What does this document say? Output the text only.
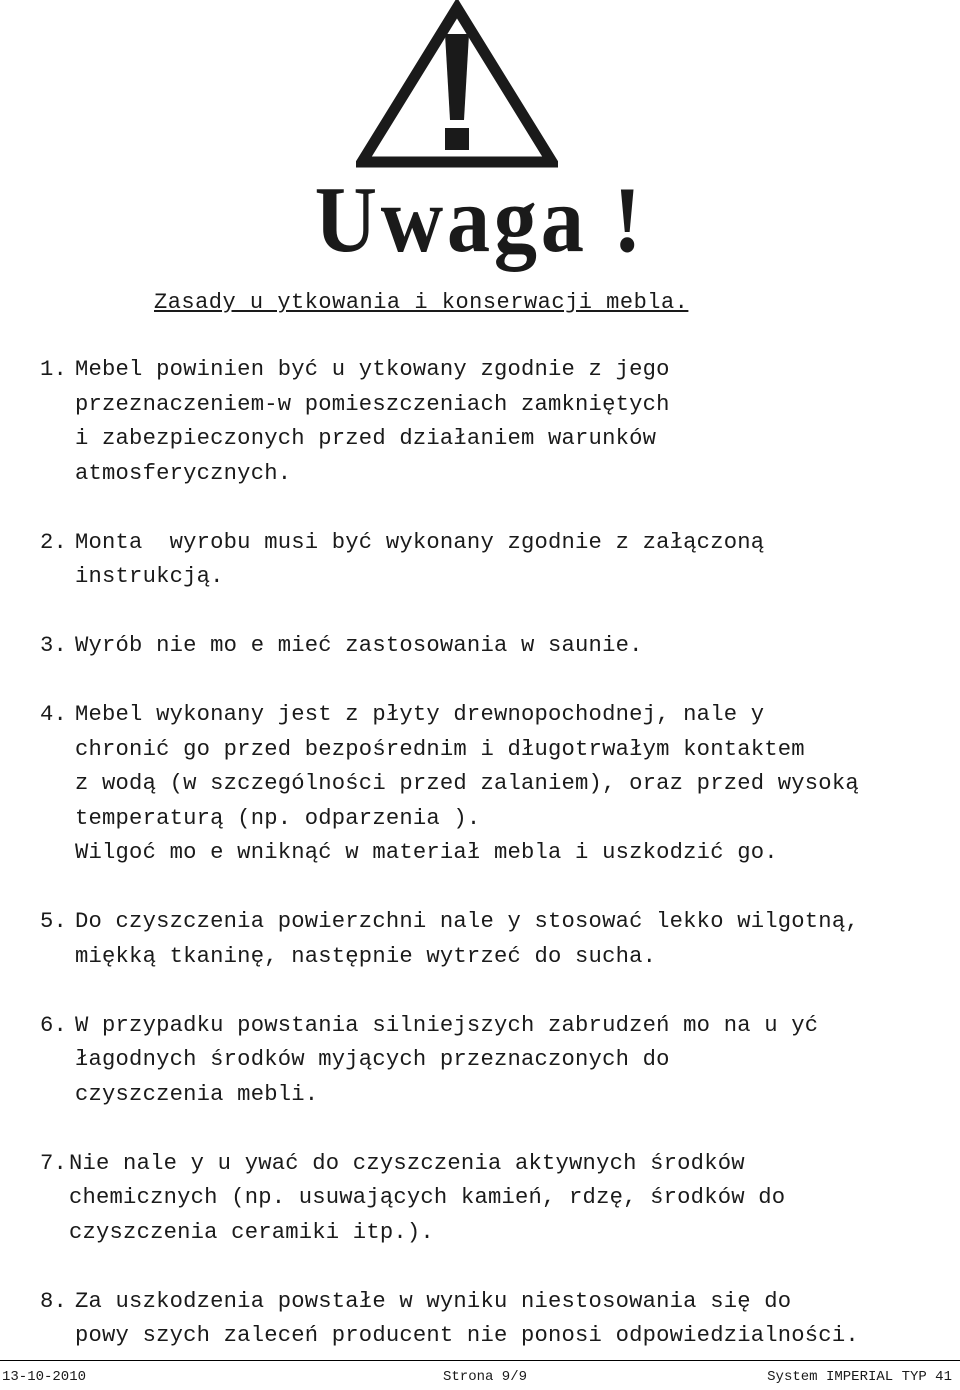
Uwaga !
Zasady u ytkowania i konserwacji mebla.
1. Mebel powinien być u ytkowany zgodnie z jego
przeznaczeniem-w pomieszczeniach zamkniętych
i zabezpieczonych przed działaniem warunków
atmosferycznych.
2. Monta  wyrobu musi być wykonany zgodnie z załączoną
instrukcją.
3. Wyrób nie mo e mieć zastosowania w saunie.
4. Mebel wykonany jest z płyty drewnopochodnej, nale y
chronić go przed bezpośrednim i długotrwałym kontaktem
z wodą (w szczególności przed zalaniem), oraz przed wysoką
temperaturą (np. odparzenia ).
Wilgoć mo e wniknąć w materiał mebla i uszkodzić go.
5. Do czyszczenia powierzchni nale y stosować lekko wilgotną,
miękką tkaninę, następnie wytrzeć do sucha.
6. W przypadku powstania silniejszych zabrudzeń mo na u yć
łagodnych środków myjących przeznaczonych do
czyszczenia mebli.
7. Nie nale y u ywać do czyszczenia aktywnych środków
chemicznych (np. usuwających kamień, rdzę, środków do
czyszczenia ceramiki itp.).
8. Za uszkodzenia powstałe w wyniku niestosowania się do
powy szych zaleceń producent nie ponosi odpowiedzialności.
13-10-2010	Strona 9/9	System IMPERIAL TYP 41
